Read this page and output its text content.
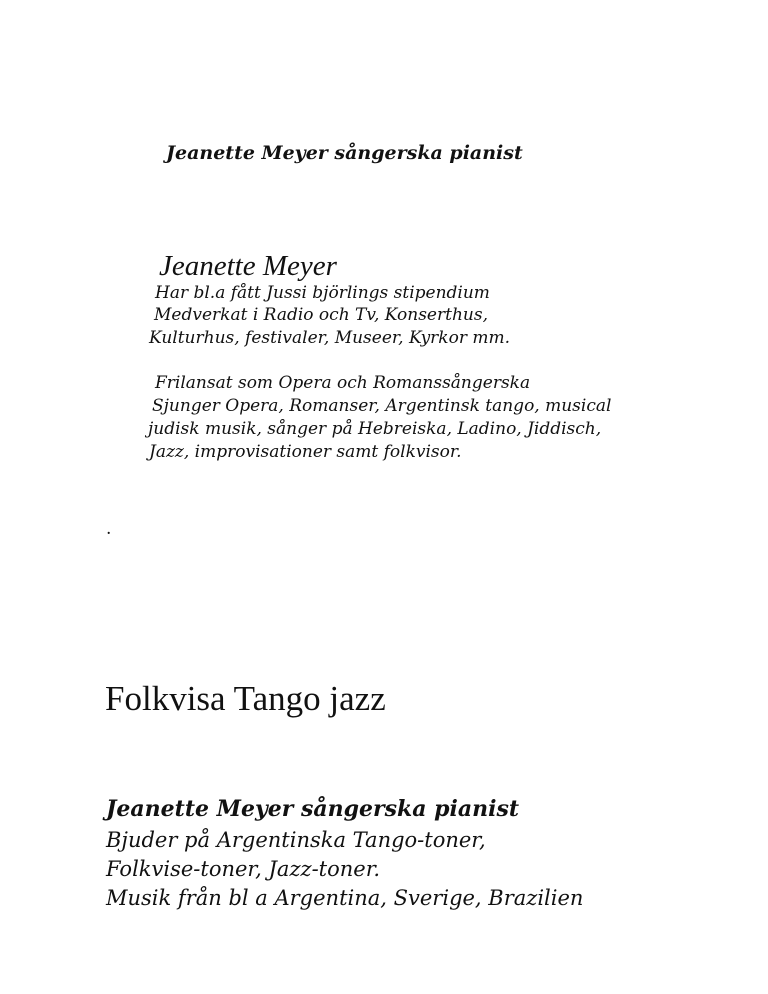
Jeanette Meyer sångerska pianist
Jeanette Meyer
Har bl.a fått Jussi björlings stipendium
Medverkat i Radio och Tv, Konserthus,
Kulturhus, festivaler, Museer, Kyrkor mm.
Frilansat som Opera och Romanssångerska
Sjunger Opera, Romanser, Argentinsk tango, musical
judisk musik, sånger på Hebreiska, Ladino, Jiddisch,
Jazz, improvisationer samt folkvisor.
.
Folkvisa Tango jazz
Jeanette Meyer sångerska pianist
Bjuder på Argentinska Tango-toner,
Folkvise-toner, Jazz-toner.
Musik från bl a Argentina, Sverige, Brazilien
